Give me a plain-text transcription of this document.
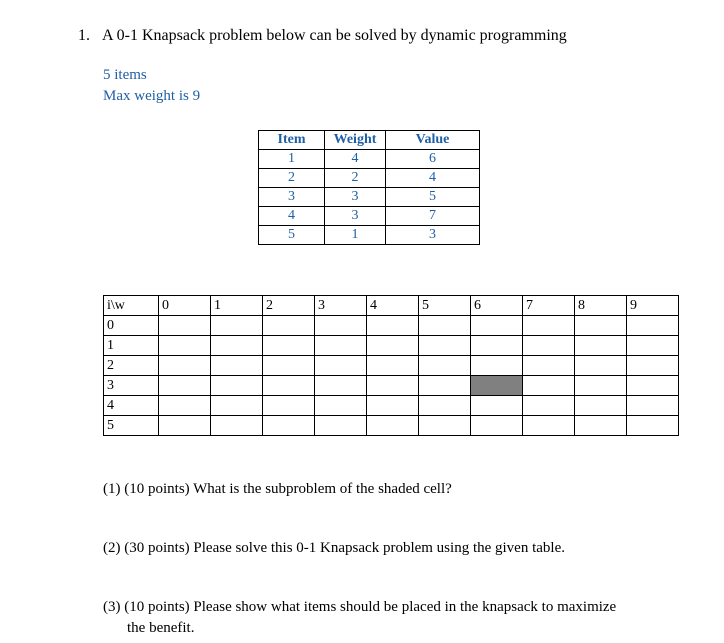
1. A 0-1 Knapsack problem below can be solved by dynamic programming
5 items
Max weight is 9
Item	Weight	Value
1	4	6
2	2	4
3	3	5
4	3	7
5	1	3
i\w	0	1	2	3	4	5	6	7	8	9
0										
1										
2										
3										
4										
5										
(1) (10 points) What is the subproblem of the shaded cell?
(2) (30 points) Please solve this 0-1 Knapsack problem using the given table.
(3) (10 points) Please show what items should be placed in the knapsack to maximize
the benefit.
